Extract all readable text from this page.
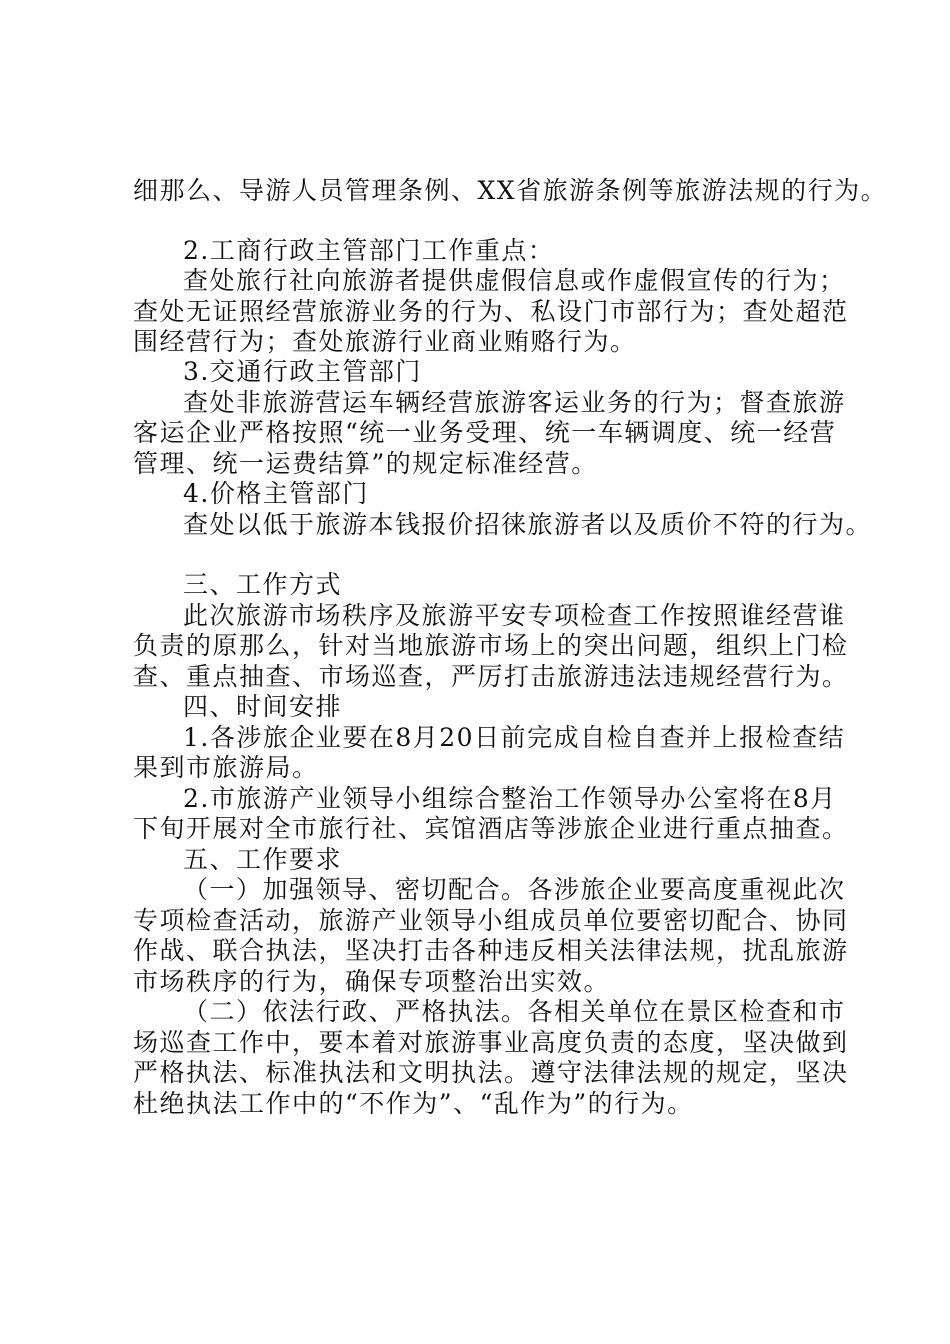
细那么、导游人员管理条例、XX省旅游条例等旅游法规的行为。
2.工商行政主管部门工作重点：
查处旅行社向旅游者提供虚假信息或作虚假宣传的行为；
查处无证照经营旅游业务的行为、私设门市部行为；查处超范
围经营行为；查处旅游行业商业贿赂行为。
3.交通行政主管部门
查处非旅游营运车辆经营旅游客运业务的行为；督查旅游
客运企业严格按照“统一业务受理、统一车辆调度、统一经营
管理、统一运费结算”的规定标准经营。
4.价格主管部门
查处以低于旅游本钱报价招徕旅游者以及质价不符的行为。
三、工作方式
此次旅游市场秩序及旅游平安专项检查工作按照谁经营谁
负责的原那么，针对当地旅游市场上的突出问题，组织上门检
查、重点抽查、市场巡查，严厉打击旅游违法违规经营行为。
四、时间安排
1.各涉旅企业要在8月20日前完成自检自查并上报检查结
果到市旅游局。
2.市旅游产业领导小组综合整治工作领导办公室将在8月
下旬开展对全市旅行社、宾馆酒店等涉旅企业进行重点抽查。
五、工作要求
（一）加强领导、密切配合。各涉旅企业要高度重视此次
专项检查活动，旅游产业领导小组成员单位要密切配合、协同
作战、联合执法，坚决打击各种违反相关法律法规，扰乱旅游
市场秩序的行为，确保专项整治出实效。
（二）依法行政、严格执法。各相关单位在景区检查和市
场巡查工作中，要本着对旅游事业高度负责的态度，坚决做到
严格执法、标准执法和文明执法。遵守法律法规的规定，坚决
杜绝执法工作中的“不作为”、“乱作为”的行为。
